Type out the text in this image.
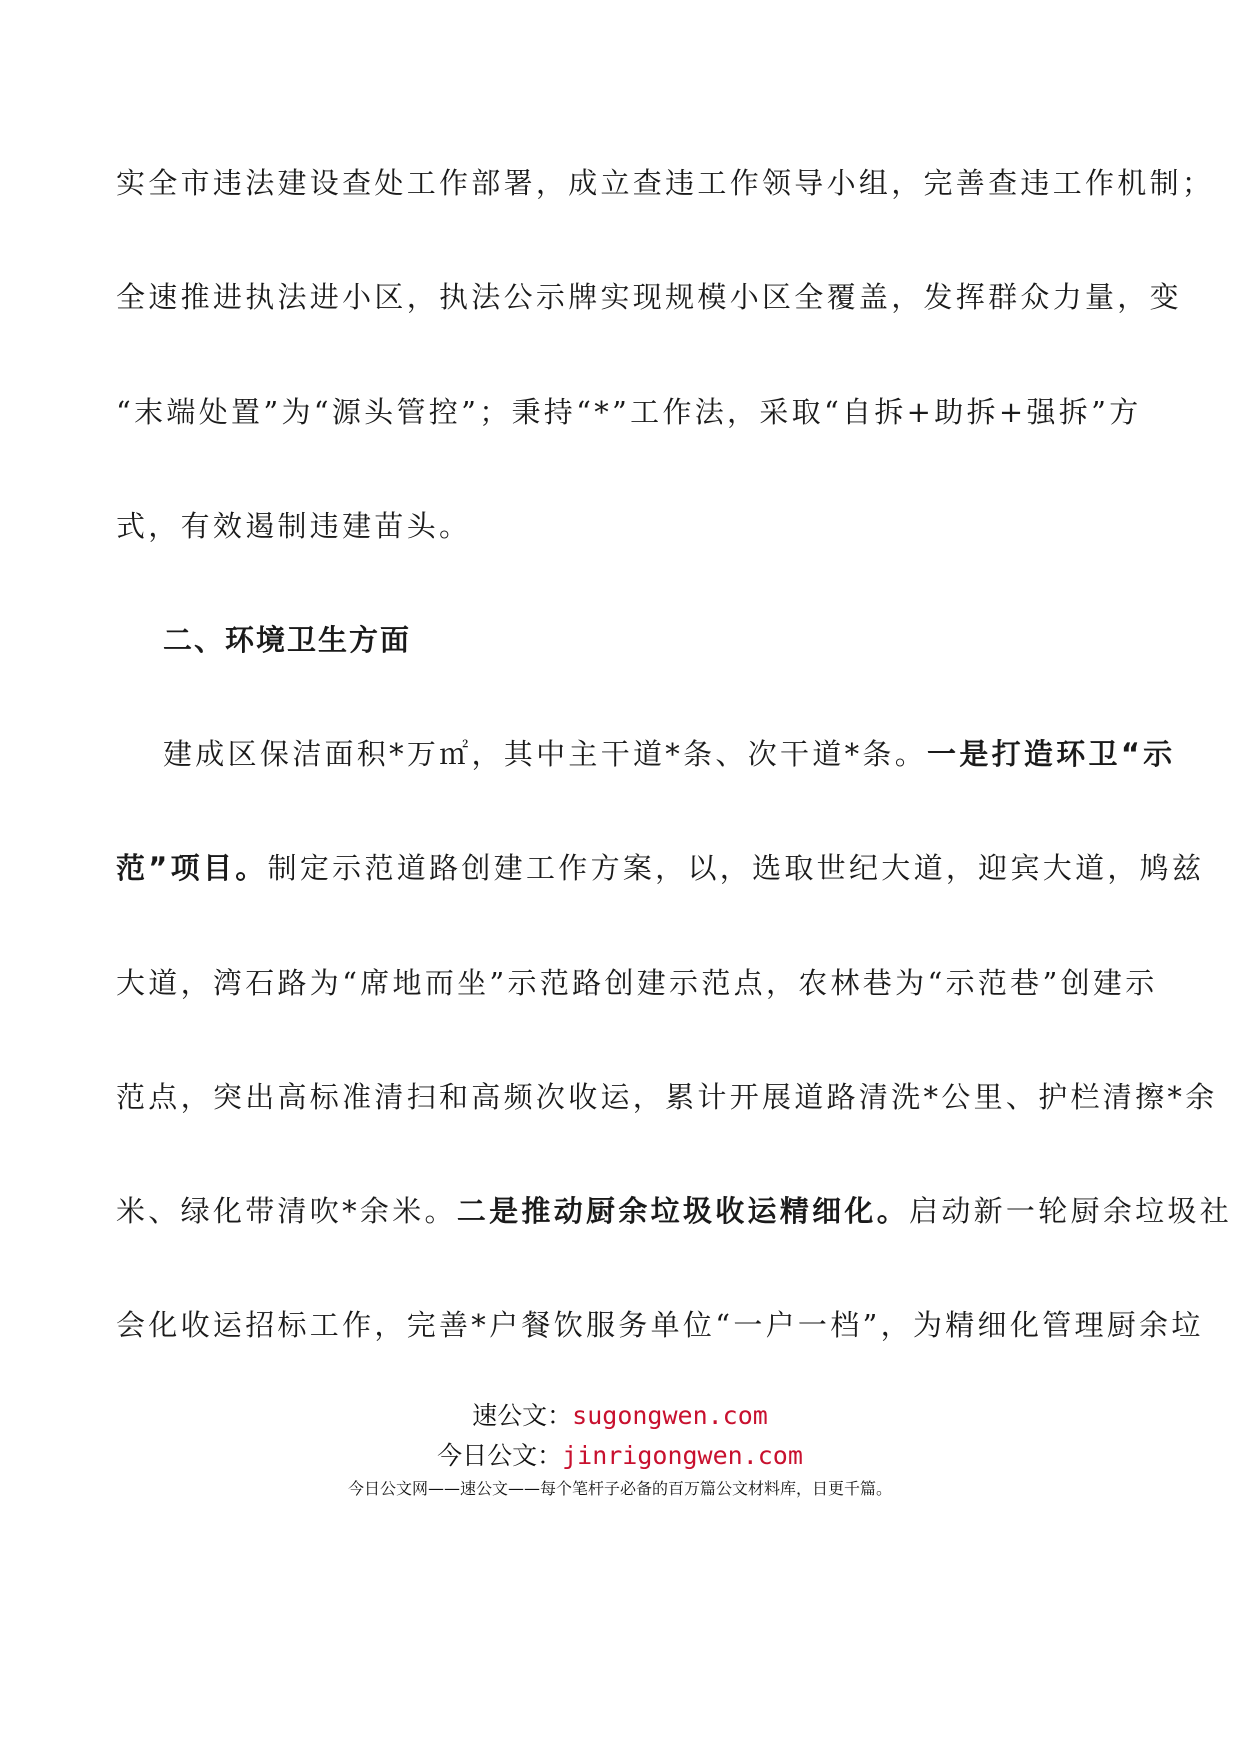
实全市违法建设查处工作部署，成立查违工作领导小组，完善查违工作机制；
全速推进执法进小区，执法公示牌实现规模小区全覆盖，发挥群众力量，变
“末端处置”为“源头管控”；秉持“*”工作法，采取“自拆+助拆+强拆”方
式，有效遏制违建苗头。
二、环境卫生方面
建成区保洁面积*万㎡，其中主干道*条、次干道*条。一是打造环卫“示
范”项目。制定示范道路创建工作方案，以，选取世纪大道，迎宾大道，鸠兹
大道，湾石路为“席地而坐”示范路创建示范点，农林巷为“示范巷”创建示
范点，突出高标准清扫和高频次收运，累计开展道路清洗*公里、护栏清擦*余
米、绿化带清吹*余米。二是推动厨余垃圾收运精细化。启动新一轮厨余垃圾社
会化收运招标工作，完善*户餐饮服务单位“一户一档”，为精细化管理厨余垃
速公文：sugongwen.com
今日公文：jinrigongwen.com
今日公文网——速公文——每个笔杆子必备的百万篇公文材料库，日更千篇。
